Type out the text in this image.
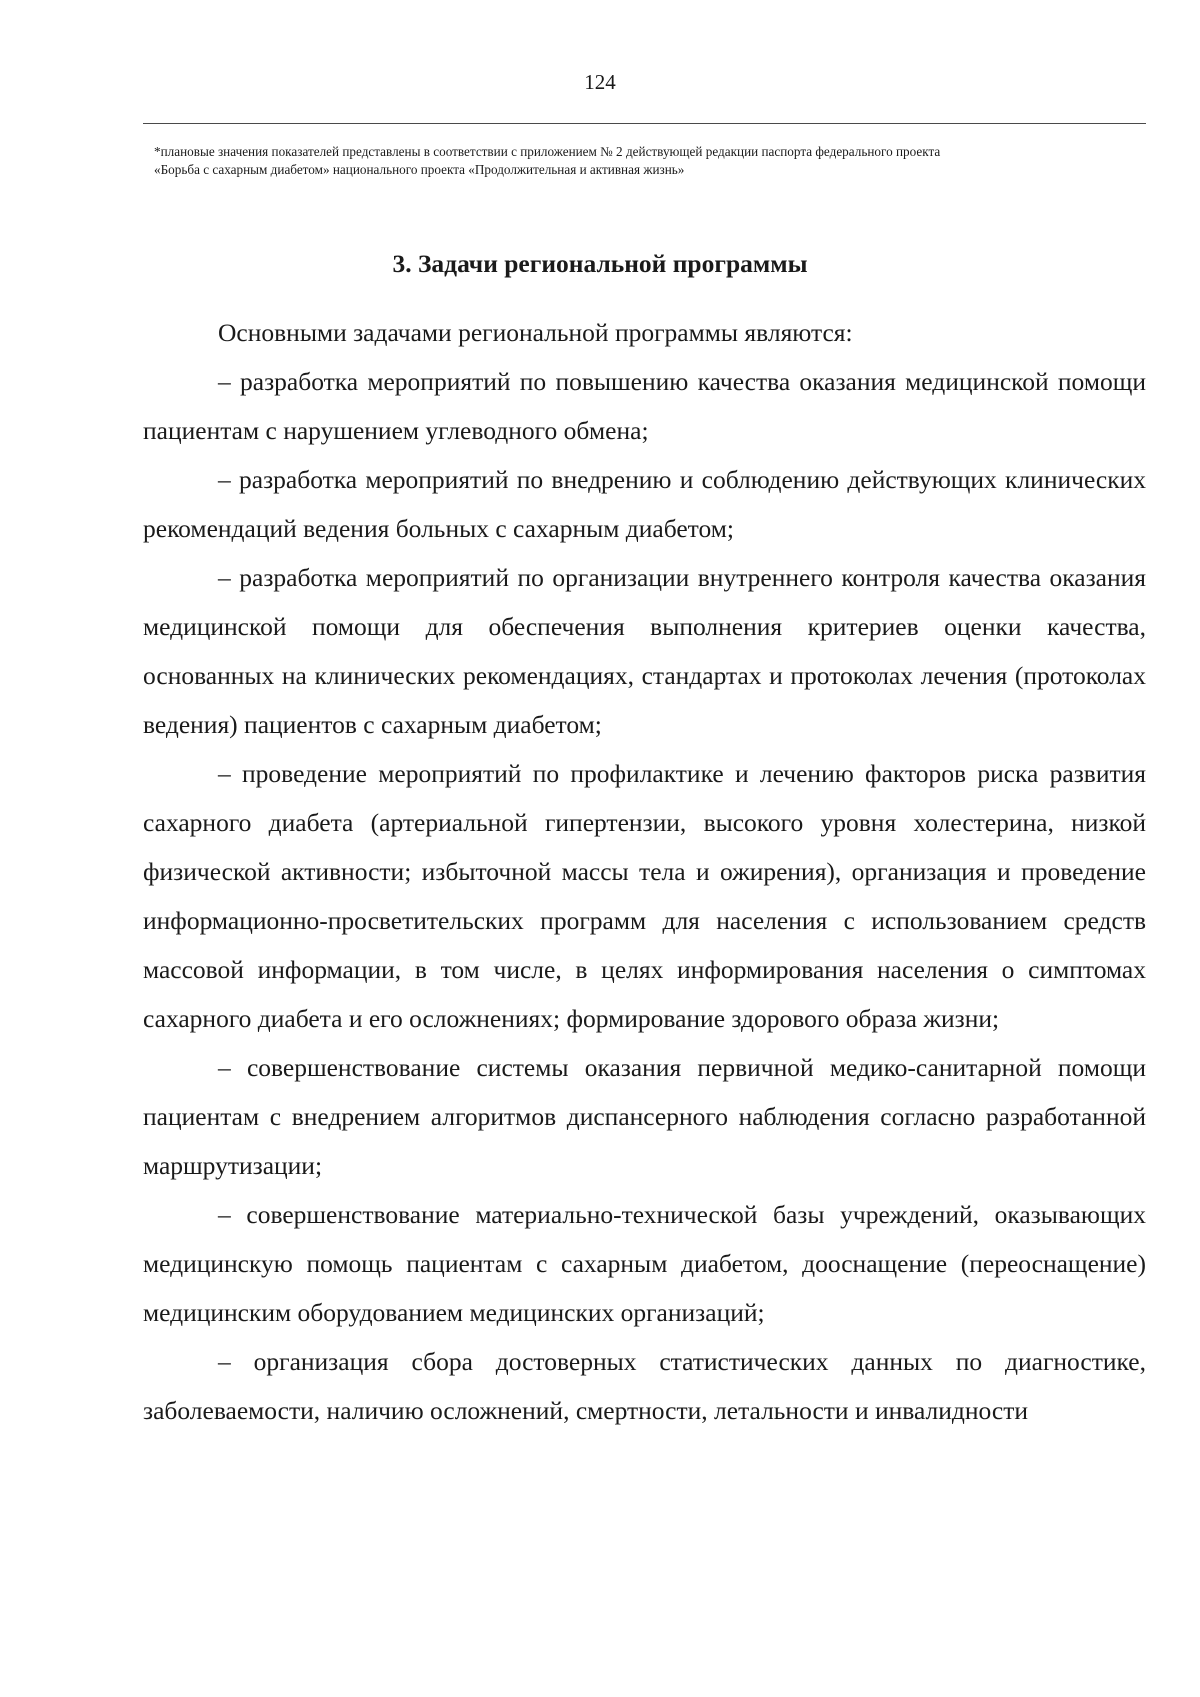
124

*плановые значения показателей представлены в соответствии с приложением № 2 действующей редакции паспорта федерального проекта

«Борьба с сахарным диабетом» национального проекта «Продолжительная и активная жизнь»

3. Задачи региональной программы

Основными задачами региональной программы являются:

– разработка мероприятий по повышению качества оказания медицинской помощи пациентам с нарушением углеводного обмена;

– разработка мероприятий по внедрению и соблюдению действующих клинических рекомендаций ведения больных с сахарным диабетом;

– разработка мероприятий по организации внутреннего контроля качества оказания медицинской помощи для обеспечения выполнения критериев оценки качества, основанных на клинических рекомендациях, стандартах и протоколах лечения (протоколах ведения) пациентов с сахарным диабетом;

– проведение мероприятий по профилактике и лечению факторов риска развития сахарного диабета (артериальной гипертензии, высокого уровня холестерина, низкой физической активности; избыточной массы тела и ожирения), организация и проведение информационно-просветительских программ для населения с использованием средств массовой информации, в том числе, в целях информирования населения о симптомах сахарного диабета и его осложнениях; формирование здорового образа жизни;

– совершенствование системы оказания первичной медико-санитарной помощи пациентам с внедрением алгоритмов диспансерного наблюдения согласно разработанной маршрутизации;

– совершенствование материально-технической базы учреждений, оказывающих медицинскую помощь пациентам с сахарным диабетом, дооснащение (переоснащение) медицинским оборудованием медицинских организаций;

– организация сбора достоверных статистических данных по диагностике, заболеваемости, наличию осложнений, смертности, летальности и инвалидности
